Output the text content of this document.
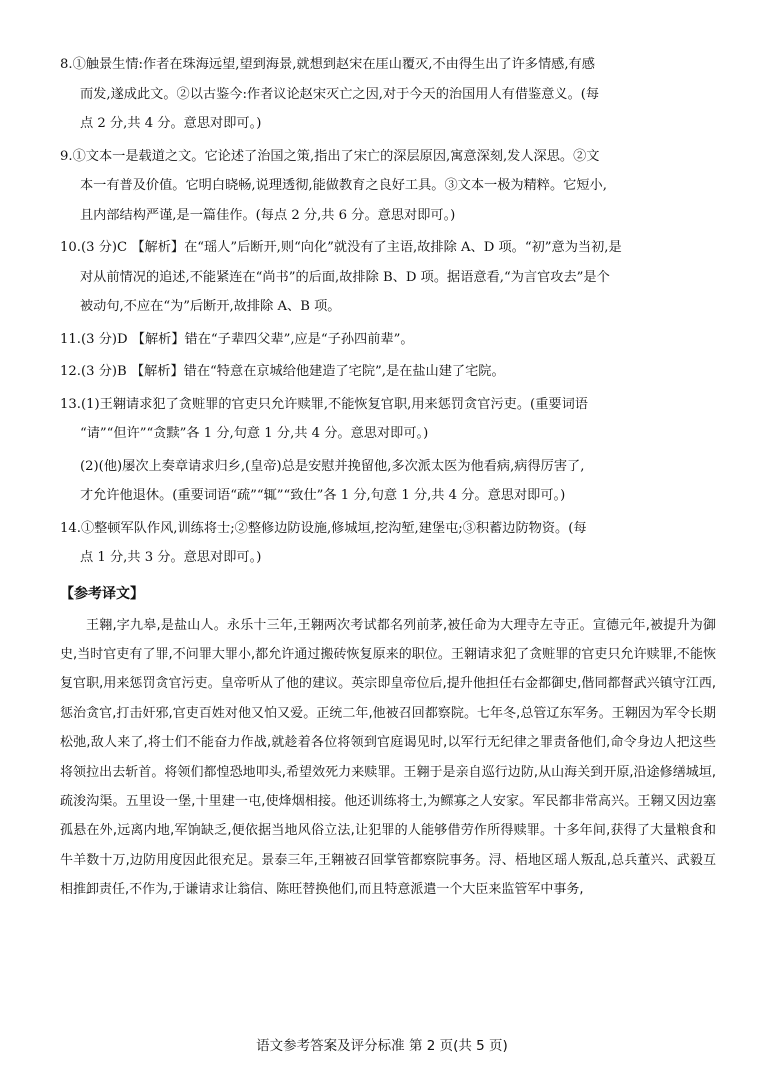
8. ①触景生情:作者在珠海远望,望到海景,就想到赵宋在厓山覆灭,不由得生出了许多情感,有感
而发,遂成此文。②以古鉴今:作者议论赵宋灭亡之因,对于今天的治国用人有借鉴意义。(每
点 2 分,共 4 分。意思对即可。)
9. ①文本一是载道之文。它论述了治国之策,指出了宋亡的深层原因,寓意深刻,发人深思。②文
本一有普及价值。它明白晓畅,说理透彻,能做教育之良好工具。③文本一极为精粹。它短小,
且内部结构严谨,是一篇佳作。(每点 2 分,共 6 分。意思对即可。)
10. (3 分)C 【解析】在“瑶人”后断开,则“向化”就没有了主语,故排除 A、D 项。“初”意为当初,是
对从前情况的追述,不能紧连在“尚书”的后面,故排除 B、D 项。据语意看,“为言官攻去”是个
被动句,不应在“为”后断开,故排除 A、B 项。
11. (3 分)D 【解析】错在“子辈四父辈”,应是“子孙四前辈”。
12. (3 分)B 【解析】错在“特意在京城给他建造了宅院”,是在盐山建了宅院。
13. (1)王翱请求犯了贪赃罪的官吏只允许赎罪,不能恢复官职,用来惩罚贪官污吏。(重要词语
“请”“但许”“贪黩”各 1 分,句意 1 分,共 4 分。意思对即可。)
(2)(他)屡次上奏章请求归乡,(皇帝)总是安慰并挽留他,多次派太医为他看病,病得厉害了,
才允许他退休。(重要词语“疏”“辄”“致仕”各 1 分,句意 1 分,共 4 分。意思对即可。)
14. ①整顿军队作风,训练将士;②整修边防设施,修城垣,挖沟堑,建堡屯;③积蓄边防物资。(每
点 1 分,共 3 分。意思对即可。)
【参考译文】

王翱,字九皋,是盐山人。永乐十三年,王翱两次考试都名列前茅,被任命为大理寺左寺正。宣德元年,被提升为御史,当时官吏有了罪,不问罪大罪小,都允许通过搬砖恢复原来的职位。王翱请求犯了贪赃罪的官吏只允许赎罪,不能恢复官职,用来惩罚贪官污吏。皇帝听从了他的建议。英宗即皇帝位后,提升他担任右金都御史,偕同都督武兴镇守江西,惩治贪官,打击奸邪,官吏百姓对他又怕又爱。正统二年,他被召回都察院。七年冬,总管辽东军务。王翱因为军令长期松弛,敌人来了,将士们不能奋力作战,就趁着各位将领到官庭谒见时,以军行无纪律之罪责备他们,命令身边人把这些将领拉出去斩首。将领们都惶恐地叩头,希望效死力来赎罪。王翱于是亲自巡行边防,从山海关到开原,沿途修缮城垣,疏浚沟渠。五里设一堡,十里建一屯,使烽烟相接。他还训练将士,为鳏寡之人安家。军民都非常高兴。王翱又因边塞孤悬在外,远离内地,军饷缺乏,便依据当地风俗立法,让犯罪的人能够借劳作所得赎罪。十多年间,获得了大量粮食和牛羊数十万,边防用度因此很充足。景泰三年,王翱被召回掌管都察院事务。浔、梧地区瑶人叛乱,总兵董兴、武毅互相推卸责任,不作为,于谦请求让翁信、陈旺替换他们,而且特意派遣一个大臣来监管军中事务,

语文参考答案及评分标准 第 2 页(共 5 页)
